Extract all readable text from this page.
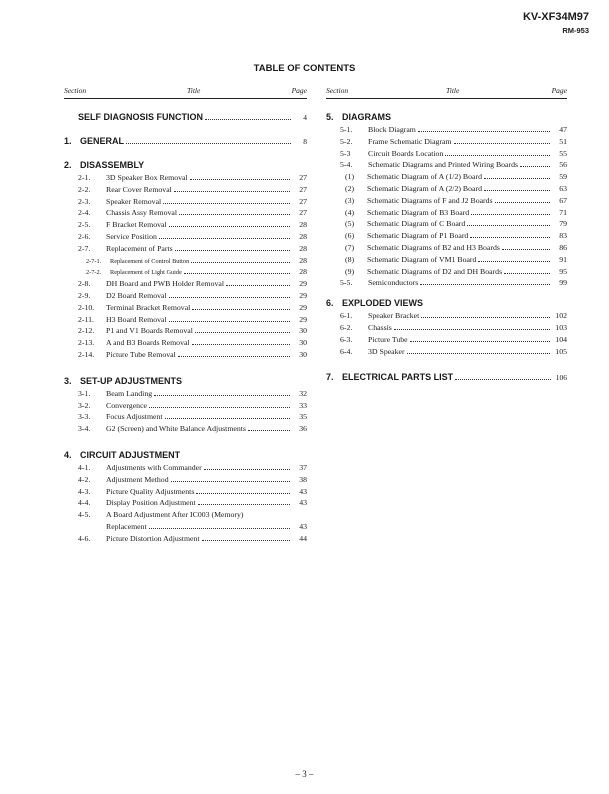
KV-XF34M97
RM-953
TABLE OF CONTENTS
Section	Title	Page	Section	Title	Page
SELF DIAGNOSIS FUNCTION	4
1. GENERAL	8
2. DISASSEMBLY
2-1.	3D Speaker Box Removal	27
2-2.	Rear Cover Removal	27
2-3.	Speaker Removal	27
2-4.	Chassis Assy Removal	27
2-5.	F Bracket Removal	28
2-6.	Service Position	28
2-7.	Replacement of Parts	28
2-7-1.	Replacement of Control Button	28
2-7-2.	Replacement of Light Guide	28
2-8.	DH Board and PWB Holder Removal	29
2-9.	D2 Board Removal	29
2-10.	Terminal Bracket Removal	29
2-11.	H3 Board Removal	29
2-12.	P1 and V1 Boards Removal	30
2-13.	A and B3 Boards Removal	30
2-14.	Picture Tube Removal	30
3. SET-UP ADJUSTMENTS
3-1.	Beam Landing	32
3-2.	Convergence	33
3-3.	Focus Adjustment	35
3-4.	G2 (Screen) and White Balance Adjustments	36
4. CIRCUIT ADJUSTMENT
4-1.	Adjustments with Commander	37
4-2.	Adjustment Method	38
4-3.	Picture Quality Adjustments	43
4-4.	Display Position Adjustment	43
4-5.	A Board Adjustment After IC003 (Memory)
Replacement	43
4-6.	Picture Distortion Adjustment	44
5. DIAGRAMS
5-1.	Block Diagram	47
5-2.	Frame Schematic Diagram	51
5-3	Circuit Boards Location	55
5-4.	Schematic Diagrams and Printed Wiring Boards	56
(1)	Schematic Diagram of A (1/2) Board	59
(2)	Schematic Diagram of A (2/2) Board	63
(3)	Schematic Diagrams of F and J2 Boards	67
(4)	Schematic Diagram of B3 Board	71
(5)	Schematic Diagram of C Board	79
(6)	Schematic Diagram of P1 Board	83
(7)	Schematic Diagrams of B2 and H3 Boards	86
(8)	Schematic Diagram of VM1 Board	91
(9)	Schematic Diagrams of D2 and DH Boards	95
5-5.	Semiconductors	99
6. EXPLODED VIEWS
6-1.	Speaker Bracket	102
6-2.	Chassis	103
6-3.	Picture Tube	104
6-4.	3D Speaker	105
7. ELECTRICAL PARTS LIST	106
– 3 –
